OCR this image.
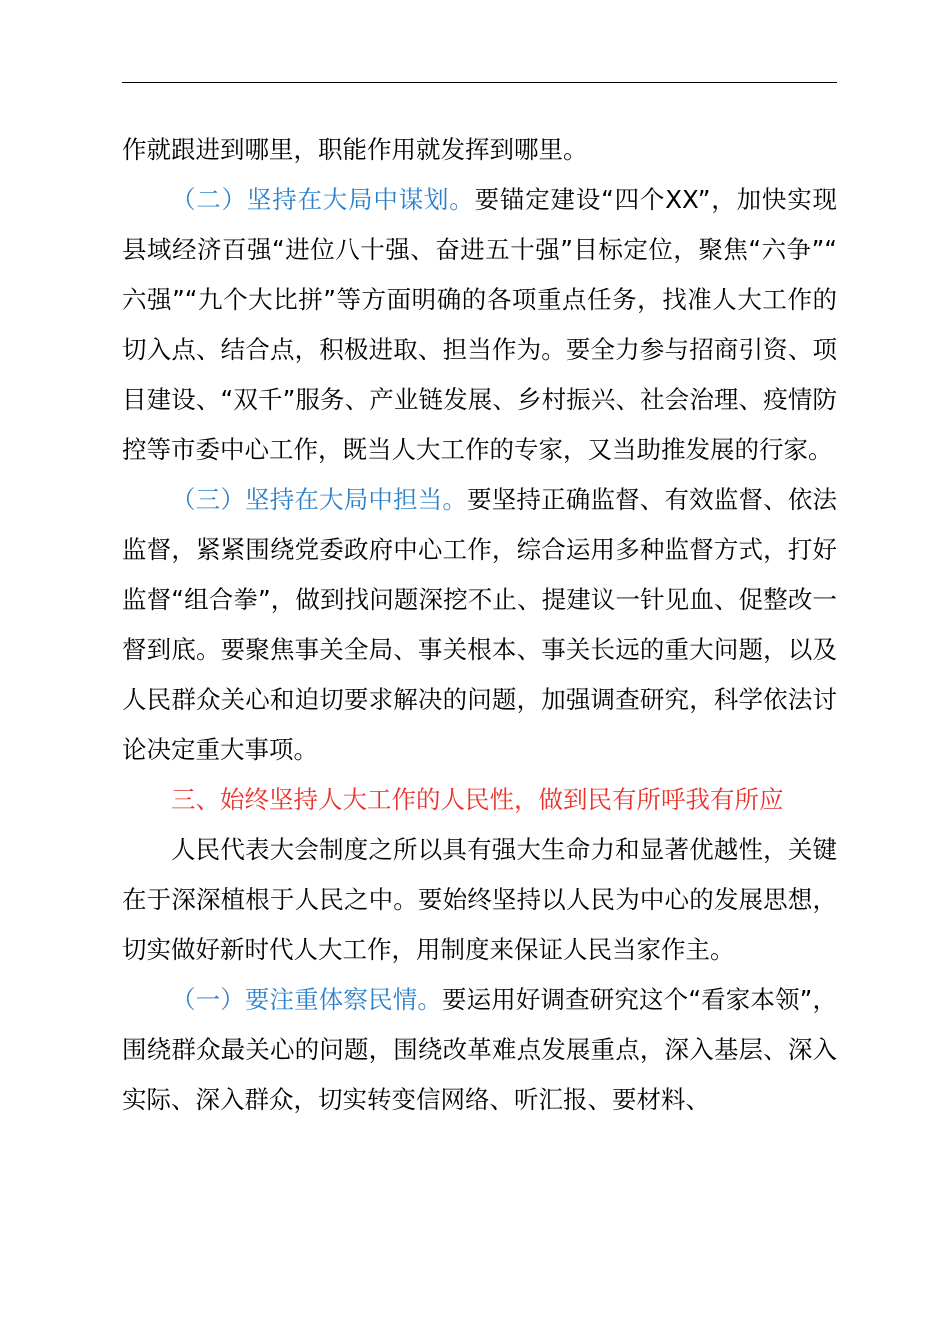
作就跟进到哪里，职能作用就发挥到哪里。

（二）坚持在大局中谋划。要锚定建设“四个XX”，加快实现县域经济百强“进位八十强、奋进五十强”目标定位，聚焦“六争”“六强”“九个大比拼”等方面明确的各项重点任务，找准人大工作的切入点、结合点，积极进取、担当作为。要全力参与招商引资、项目建设、“双千”服务、产业链发展、乡村振兴、社会治理、疫情防控等市委中心工作，既当人大工作的专家，又当助推发展的行家。

（三）坚持在大局中担当。要坚持正确监督、有效监督、依法监督，紧紧围绕党委政府中心工作，综合运用多种监督方式，打好监督“组合拳”，做到找问题深挖不止、提建议一针见血、促整改一督到底。要聚焦事关全局、事关根本、事关长远的重大问题，以及人民群众关心和迫切要求解决的问题，加强调查研究，科学依法讨论决定重大事项。

三、始终坚持人大工作的人民性，做到民有所呼我有所应

人民代表大会制度之所以具有强大生命力和显著优越性，关键在于深深植根于人民之中。要始终坚持以人民为中心的发展思想，切实做好新时代人大工作，用制度来保证人民当家作主。

（一）要注重体察民情。要运用好调查研究这个“看家本领”，围绕群众最关心的问题，围绕改革难点发展重点，深入基层、深入实际、深入群众，切实转变信网络、听汇报、要材料、
